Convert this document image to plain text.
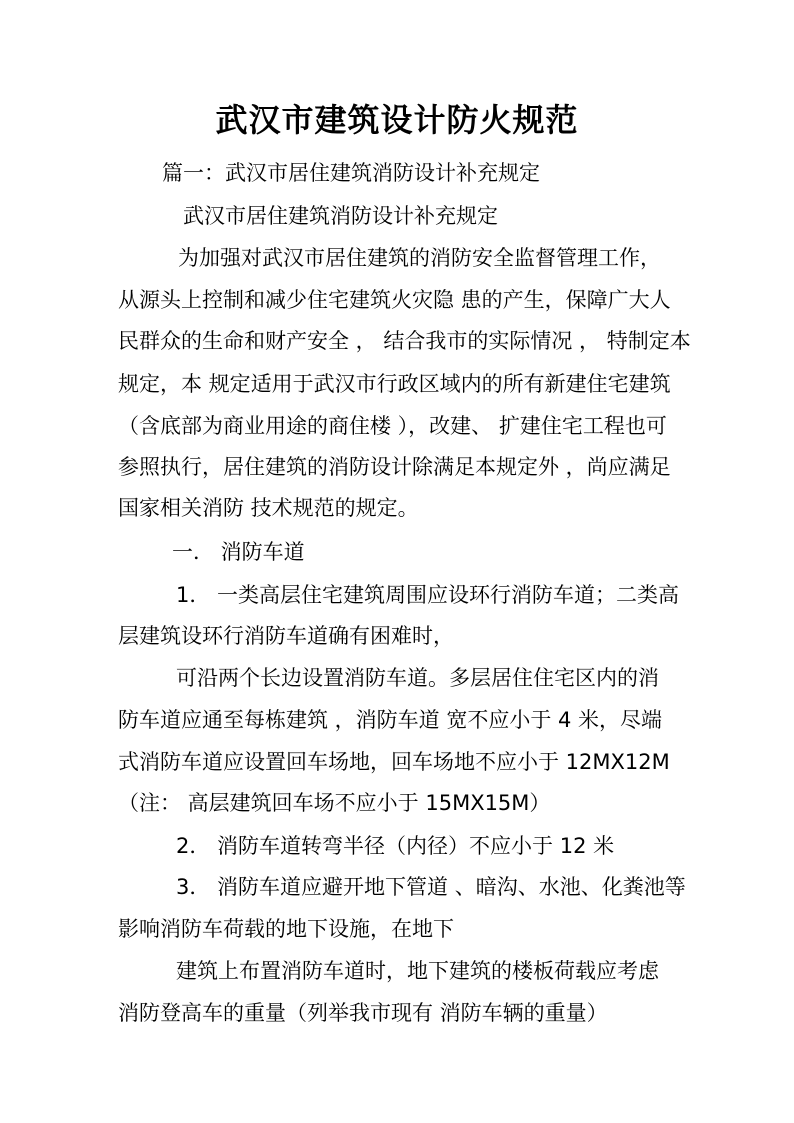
武汉市建筑设计防火规范
篇一：武汉市居住建筑消防设计补充规定
武汉市居住建筑消防设计补充规定
为加强对武汉市居住建筑的消防安全监督管理工作，
从源头上控制和减少住宅建筑火灾隐 患的产生，保障广大人
民群众的生命和财产安全 ， 结合我市的实际情况 ， 特制定本
规定，本 规定适用于武汉市行政区域内的所有新建住宅建筑
（含底部为商业用途的商住楼 ），改建、 扩建住宅工程也可
参照执行，居住建筑的消防设计除满足本规定外 ，尚应满足
国家相关消防 技术规范的规定。
一． 消防车道
1． 一类高层住宅建筑周围应设环行消防车道；二类高
层建筑设环行消防车道确有困难时，
可沿两个长边设置消防车道。多层居住住宅区内的消
防车道应通至每栋建筑 ，消防车道 宽不应小于 4 米，尽端
式消防车道应设置回车场地，回车场地不应小于 12MX12M
（注： 高层建筑回车场不应小于 15MX15M）
2． 消防车道转弯半径（内径）不应小于 12 米
3． 消防车道应避开地下管道 、暗沟、水池、化粪池等
影响消防车荷载的地下设施，在地下
建筑上布置消防车道时，地下建筑的楼板荷载应考虑
消防登高车的重量（列举我市现有 消防车辆的重量）
